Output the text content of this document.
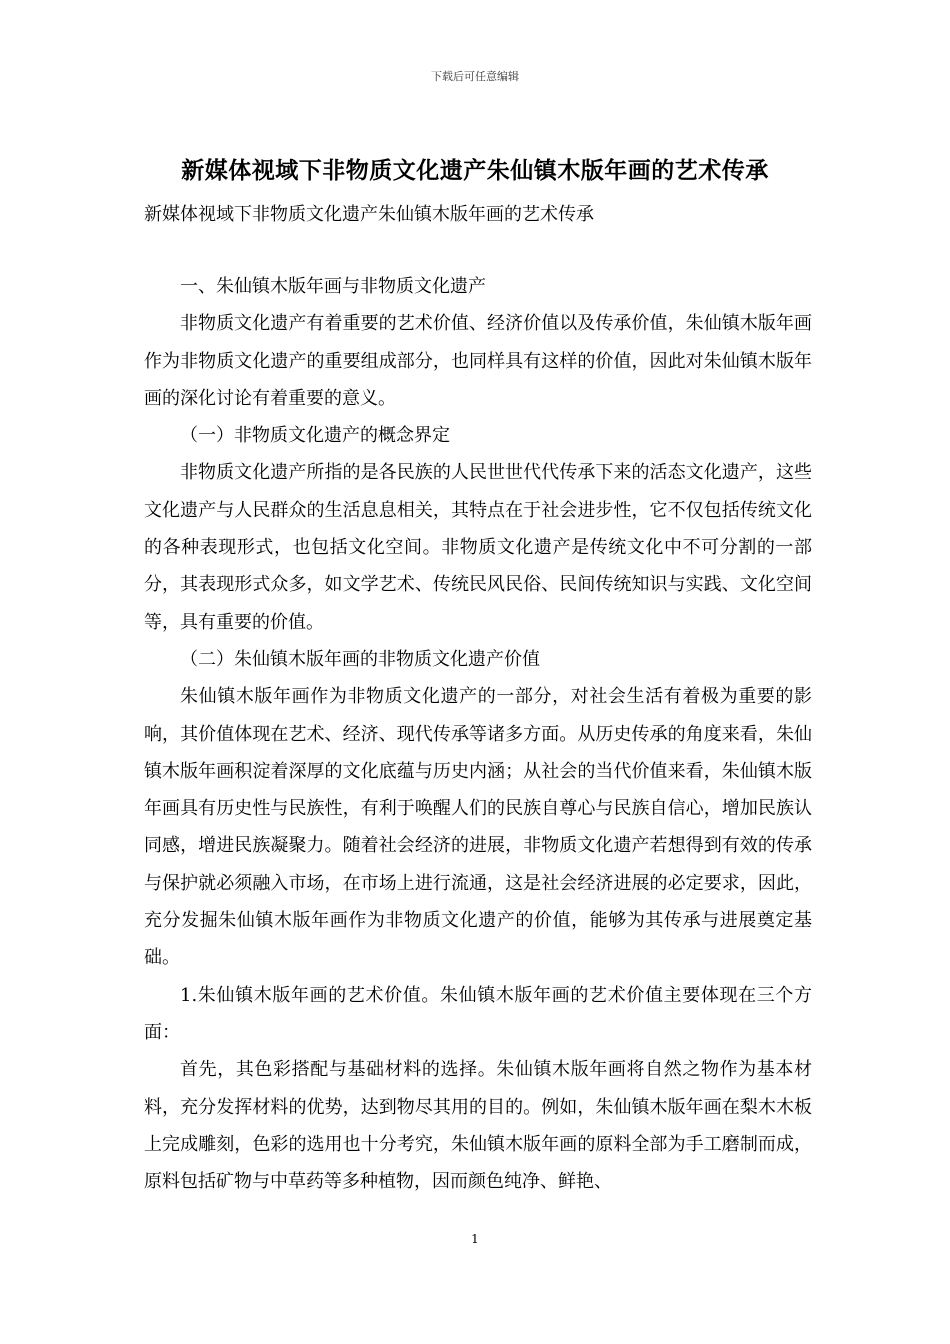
下载后可任意编辑
新媒体视域下非物质文化遗产朱仙镇木版年画的艺术传承
新媒体视域下非物质文化遗产朱仙镇木版年画的艺术传承

一、朱仙镇木版年画与非物质文化遗产

非物质文化遗产有着重要的艺术价值、经济价值以及传承价值，朱仙镇木版年画作为非物质文化遗产的重要组成部分，也同样具有这样的价值，因此对朱仙镇木版年画的深化讨论有着重要的意义。

（一）非物质文化遗产的概念界定

非物质文化遗产所指的是各民族的人民世世代代传承下来的活态文化遗产，这些文化遗产与人民群众的生活息息相关，其特点在于社会进步性，它不仅包括传统文化的各种表现形式，也包括文化空间。非物质文化遗产是传统文化中不可分割的一部分，其表现形式众多，如文学艺术、传统民风民俗、民间传统知识与实践、文化空间等，具有重要的价值。

（二）朱仙镇木版年画的非物质文化遗产价值

朱仙镇木版年画作为非物质文化遗产的一部分，对社会生活有着极为重要的影响，其价值体现在艺术、经济、现代传承等诸多方面。从历史传承的角度来看，朱仙镇木版年画积淀着深厚的文化底蕴与历史内涵；从社会的当代价值来看，朱仙镇木版年画具有历史性与民族性，有利于唤醒人们的民族自尊心与民族自信心，增加民族认同感，增进民族凝聚力。随着社会经济的进展，非物质文化遗产若想得到有效的传承与保护就必须融入市场，在市场上进行流通，这是社会经济进展的必定要求，因此，充分发掘朱仙镇木版年画作为非物质文化遗产的价值，能够为其传承与进展奠定基础。

1.朱仙镇木版年画的艺术价值。朱仙镇木版年画的艺术价值主要体现在三个方面：

首先，其色彩搭配与基础材料的选择。朱仙镇木版年画将自然之物作为基本材料，充分发挥材料的优势，达到物尽其用的目的。例如，朱仙镇木版年画在梨木木板上完成雕刻，色彩的选用也十分考究，朱仙镇木版年画的原料全部为手工磨制而成，原料包括矿物与中草药等多种植物，因而颜色纯净、鲜艳、

1
